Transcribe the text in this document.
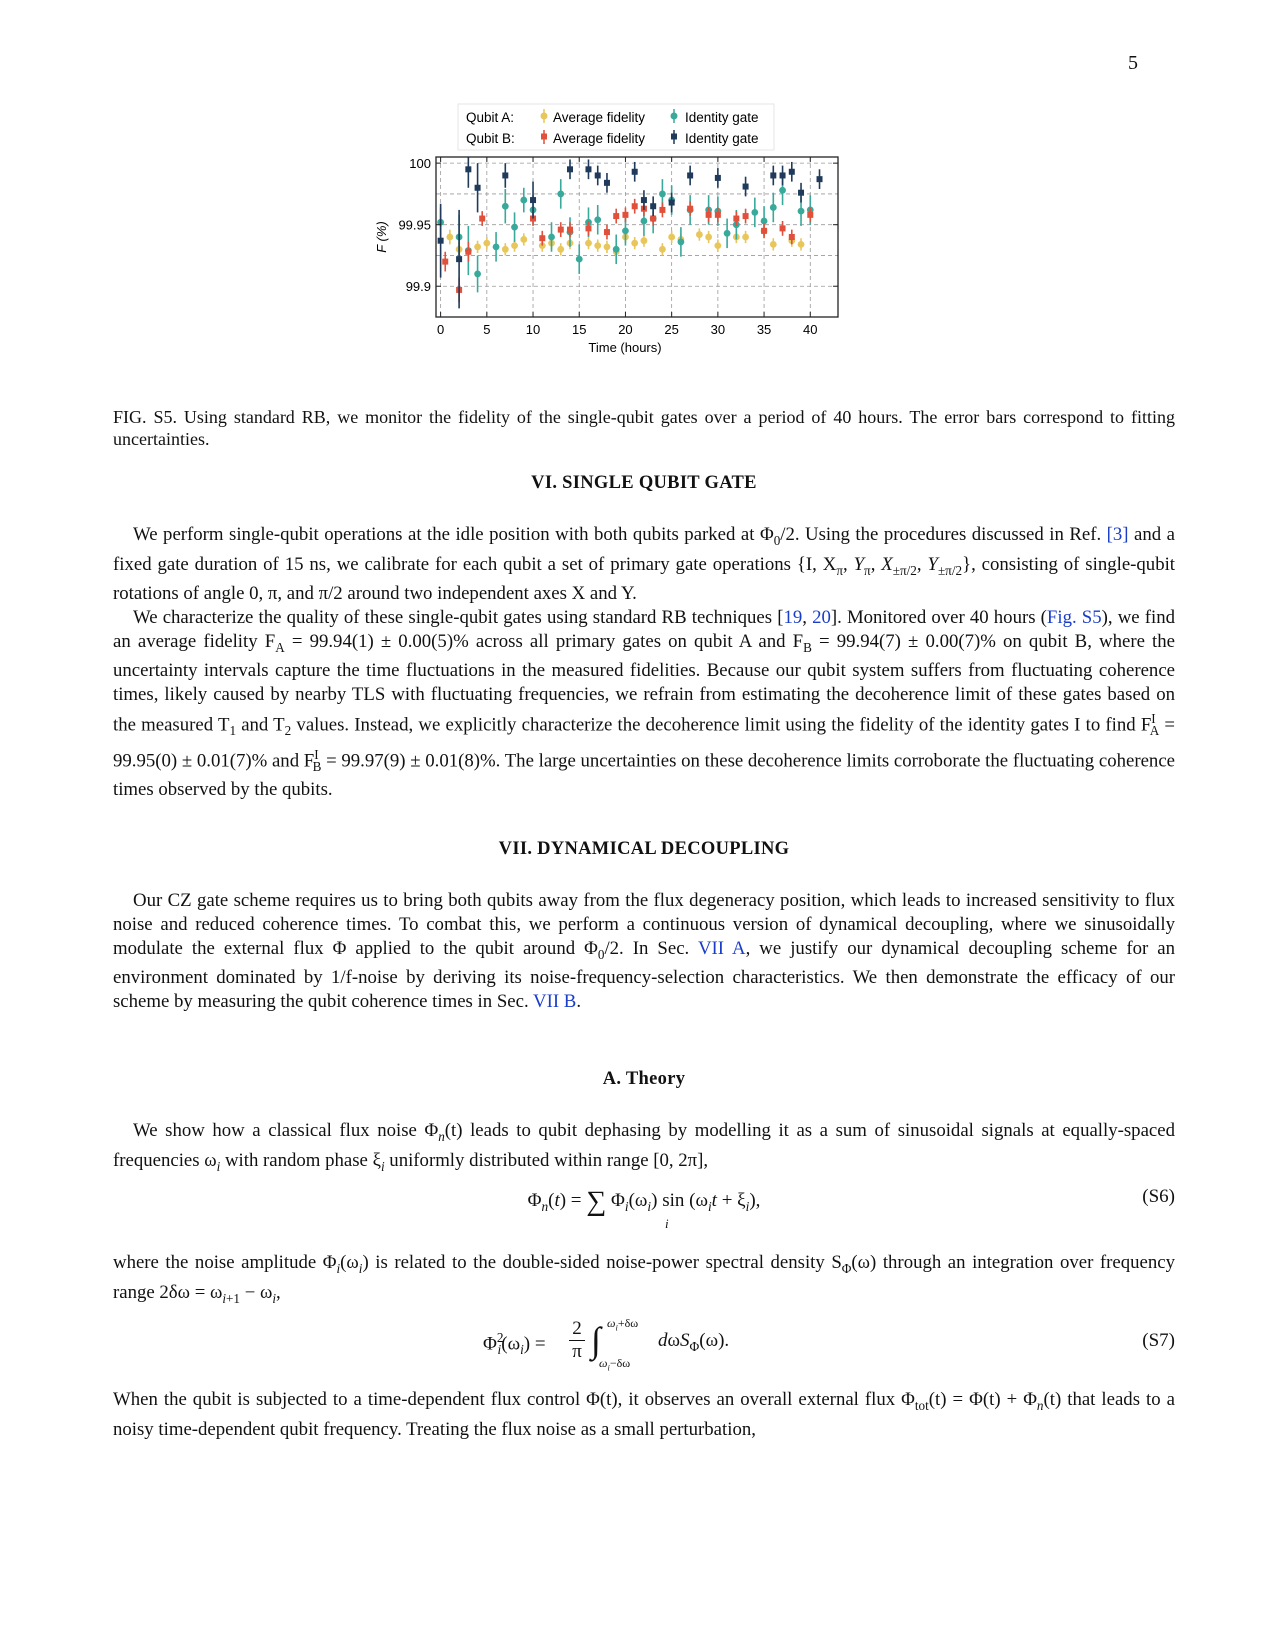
5
Qubit A:
Qubit B:
Average fidelity	Identity gate
Average fidelity	Identity gate
0	5	10 15 20 25 30 35 40
99.9
99.95
100
Time (hours)
F (%)
FIG. S5. Using standard RB, we monitor the fidelity of the single-qubit gates over a period of 40 hours. The error bars correspond to fitting uncertainties.
VI. SINGLE QUBIT GATE

We perform single-qubit operations at the idle position with both qubits parked at $\Phi_0/2$. Using the procedures discussed in Ref. [3] and a fixed gate duration of 15 ns, we calibrate for each qubit a set of primary gate operations {I, $X_\pi$, $Y_\pi$, $X_{\pm\pi/2}$, $Y_{\pm\pi/2}$}, consisting of single-qubit rotations of angle 0, π, and π/2 around two independent axes X and Y.

We characterize the quality of these single-qubit gates using standard RB techniques [19, 20]. Monitored over 40 hours (Fig. S5), we find an average fidelity $F_A = 99.94(1) \pm 0.00(5)\%$ across all primary gates on qubit A and $F_B = 99.94(7) \pm 0.00(7)\%$ on qubit B, where the uncertainty intervals capture the time fluctuations in the measured fidelities. Because our qubit system suffers from fluctuating coherence times, likely caused by nearby TLS with fluctuating frequencies, we refrain from estimating the decoherence limit of these gates based on the measured $T_1$ and $T_2$ values. Instead, we explicitly characterize the decoherence limit using the fidelity of the identity gates I to find $F^I_A = 99.95(0) \pm 0.01(7)\%$ and $F^I_B = 99.97(9) \pm 0.01(8)\%$. The large uncertainties on these decoherence limits corroborate the fluctuating coherence times observed by the qubits.

VII. DYNAMICAL DECOUPLING

Our CZ gate scheme requires us to bring both qubits away from the flux degeneracy position, which leads to increased sensitivity to flux noise and reduced coherence times. To combat this, we perform a continuous version of dynamical decoupling, where we sinusoidally modulate the external flux Φ applied to the qubit around $\Phi_0/2$. In Sec. VII A, we justify our dynamical decoupling scheme for an environment dominated by 1/f-noise by deriving its noise-frequency-selection characteristics. We then demonstrate the efficacy of our scheme by measuring the qubit coherence times in Sec. VII B.

A. Theory

We show how a classical flux noise $\Phi_n(t)$ leads to qubit dephasing by modelling it as a sum of sinusoidal signals at equally-spaced frequencies $\omega_i$ with random phase $\xi_i$ uniformly distributed within range [0, 2π],

$\Phi_n(t)$ = ∑ $\Phi_i(\omega_i)$ $\sin (\omega_it + \xi_i)$,
i
(S6)

where the noise amplitude $\Phi_i(\omega_i)$ is related to the double-sided noise-power spectral density $S_\Phi(\omega)$ through an integration over frequency range $2\delta\omega = \omega_{i+1} - \omega_i$,

$\Phi^2_i(\omega_i)$ =
2
π ∫ $\omega_i+\delta\omega$
$\omega_i-\delta\omega$
dωS$_\Phi$(ω).	(S7)

When the qubit is subjected to a time-dependent flux control Φ(t), it observes an overall external flux $\Phi_{tot}(t) = \Phi(t) + \Phi_n(t)$ that leads to a noisy time-dependent qubit frequency. Treating the flux noise as a small perturbation,
